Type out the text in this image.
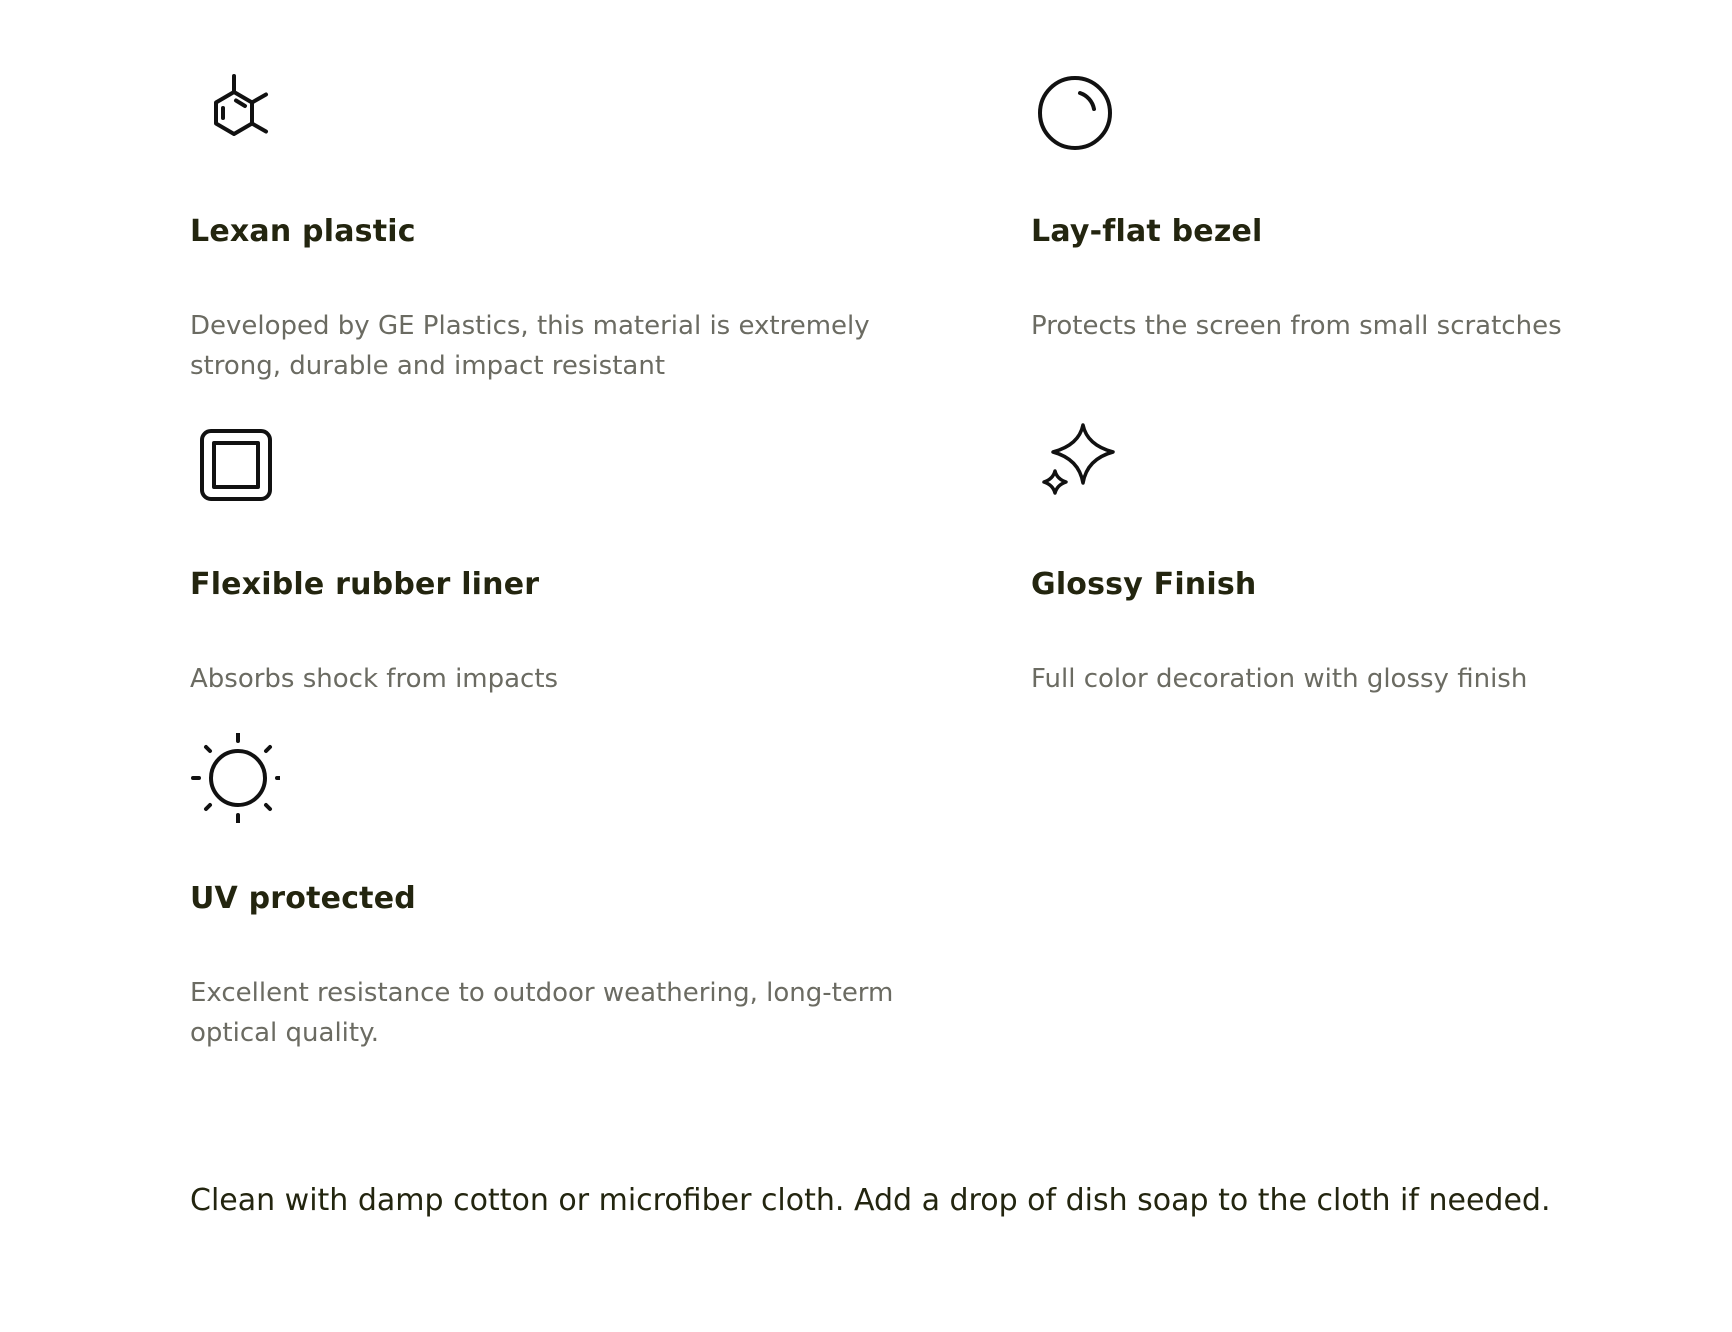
Lexan plastic

Developed by GE Plastics, this material is extremely strong, durable and impact resistant

Lay-flat bezel

Protects the screen from small scratches

Flexible rubber liner

Absorbs shock from impacts

Glossy Finish

Full color decoration with glossy finish

UV protected

Excellent resistance to outdoor weathering, long-term optical quality.

Clean with damp cotton or microfiber cloth. Add a drop of dish soap to the cloth if needed.
